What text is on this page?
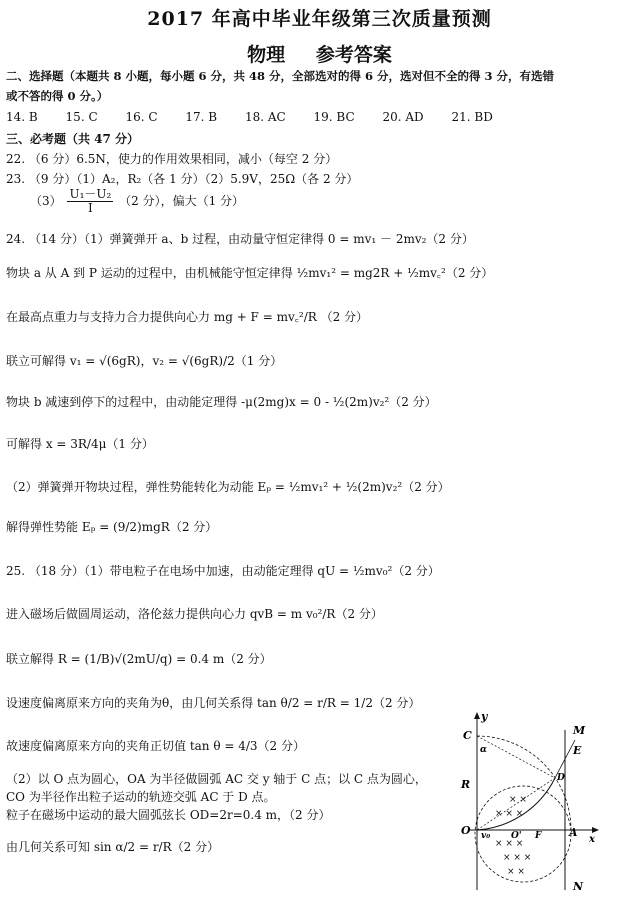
2017 年高中毕业年级第三次质量预测
物理 参考答案
二、选择题（本题共 8 小题，每小题 6 分，共 48 分，全部选对的得 6 分，选对但不全的得 3 分，有选错
或不答的得 0 分。）
14. B 15. C 16. C 17. B 18. AC 19. BC 20. AD 21. BD
三、必考题（共 47 分）
22. （6 分）6.5N，使力的作用效果相同，减小（每空 2 分）
23. （9 分）（1）A₂，R₂（各 1 分）（2）5.9V，25Ω（各 2 分）
$(3) \frac{\text{U₁－U₂}}{I} (2$ 分），偏大（1 分）
24. （14 分）（1）弹簧弹开 a、b 过程，由动量守恒定律得 0 = mv₁ － 2mv₂（2 分）
物块 a 从 A 到 P 运动的过程中，由机械能守恒定律得 ½mv₁² = mg2R + ½mv꜀²（2 分）
在最高点重力与支持力合力提供向心力 mg + F = mv꜀²/R （2 分）
联立可解得 v₁ = √(6gR)，v₂ = √(6gR)/2（1 分）
物块 b 减速到停下的过程中，由动能定理得 -μ(2mg)x = 0 - ½(2m)v₂²（2 分）
可解得 x = 3R/4μ（1 分）
（2）弹簧弹开物块过程，弹性势能转化为动能 Eₚ = ½mv₁² + ½(2m)v₂²（2 分）
解得弹性势能 Eₚ = (9/2)mgR（2 分）
25. （18 分）（1）带电粒子在电场中加速，由动能定理得 qU = ½mv₀²（2 分）
进入磁场后做圆周运动，洛伦兹力提供向心力 qvB = m v₀²/R（2 分）
联立解得 R = (1/B)√(2mU/q) = 0.4 m（2 分）
设速度偏离原来方向的夹角为θ，由几何关系得 tan θ/2 = r/R = 1/2（2 分）
故速度偏离原来方向的夹角正切值 tan θ = 4/3（2 分）
（2）以 O 点为圆心，OA 为半径做圆弧 AC 交 y 轴于 C 点；以 C 点为圆心，
CO 为半径作出粒子运动的轨迹交弧 AC 于 D 点。
粒子在磁场中运动的最大圆弧弦长 OD=2r=0.4 m，（2 分）
由几何关系可知 sin α/2 = r/R（2 分）
× ×
× × ×
× × ×
× × ×
× ×
y
M
E
C
α
R	D
O v₀ O' F	A
x
N
